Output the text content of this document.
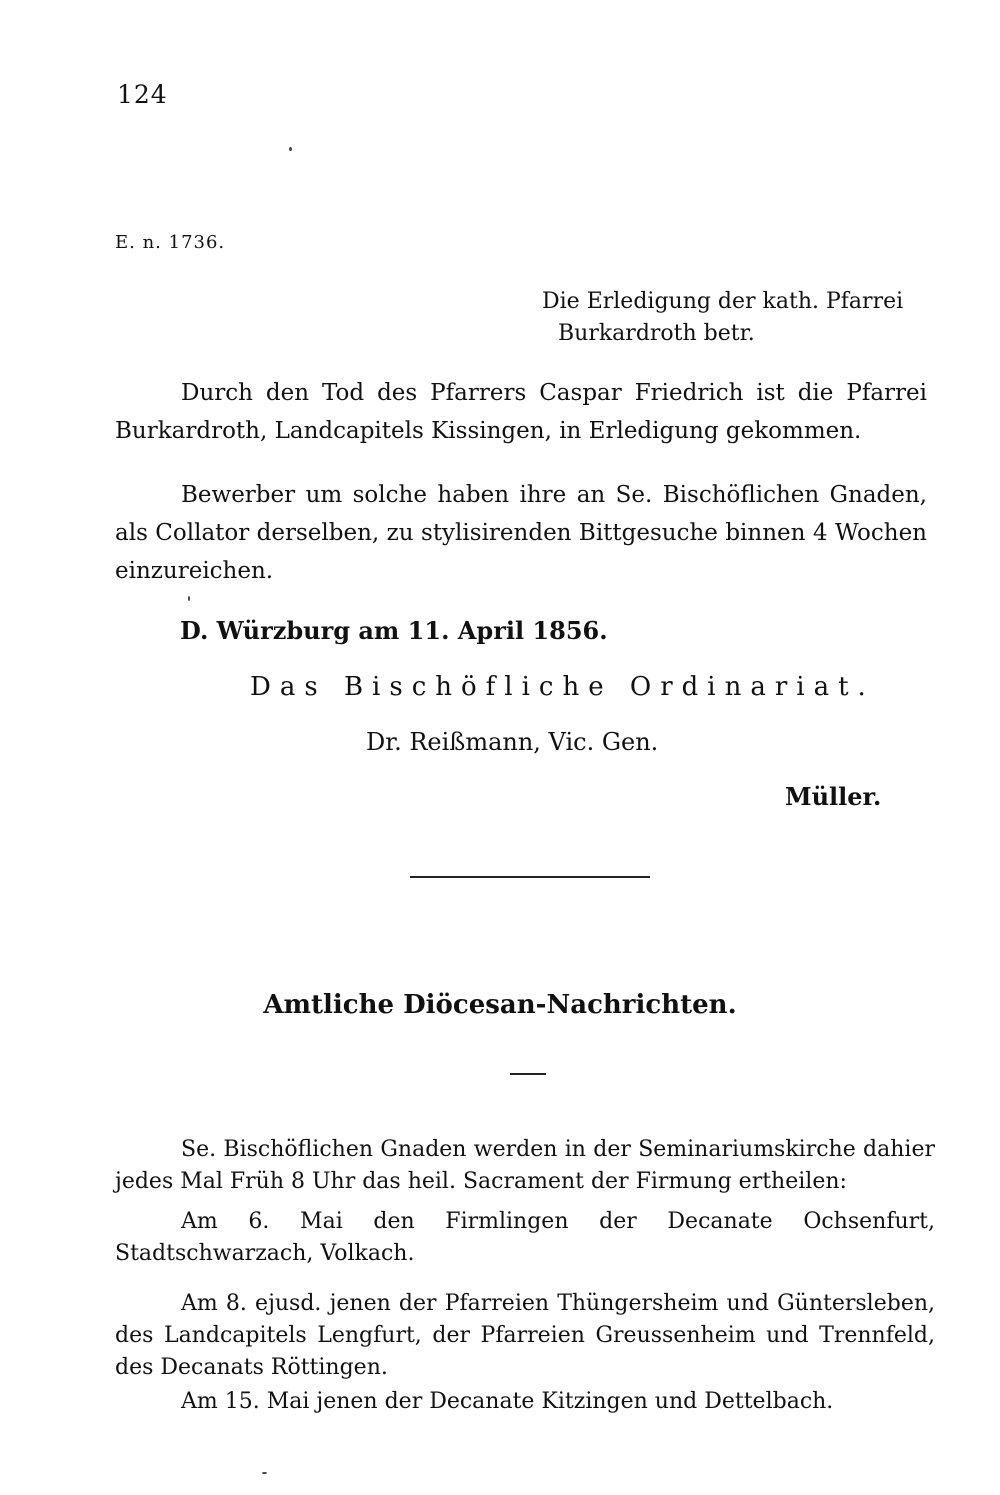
124
E. n. 1736.
Die Erledigung der kath. Pfarrei
Burkardroth betr.

Durch den Tod des Pfarrers Caspar Friedrich ist die Pfarrei Burkardroth, Landcapitels Kissingen, in Erledigung gekommen.

Bewerber um solche haben ihre an Se. Bischöflichen Gnaden, als Collator derselben, zu stylisirenden Bittgesuche binnen 4 Wochen einzureichen.

D. Würzburg am 11. April 1856.
Das Bischöfliche Ordinariat.
Dr. Reißmann, Vic. Gen.
Müller.
Amtliche Diöcesan-Nachrichten.

Se. Bischöflichen Gnaden werden in der Seminariumskirche dahier jedes Mal Früh 8 Uhr das heil. Sacrament der Firmung ertheilen:

Am 6. Mai den Firmlingen der Decanate Ochsenfurt, Stadtschwarzach, Volkach.

Am 8. ejusd. jenen der Pfarreien Thüngersheim und Güntersleben, des Landcapitels Lengfurt, der Pfarreien Greussenheim und Trennfeld, des Decanats Röttingen.

Am 15. Mai jenen der Decanate Kitzingen und Dettelbach.
